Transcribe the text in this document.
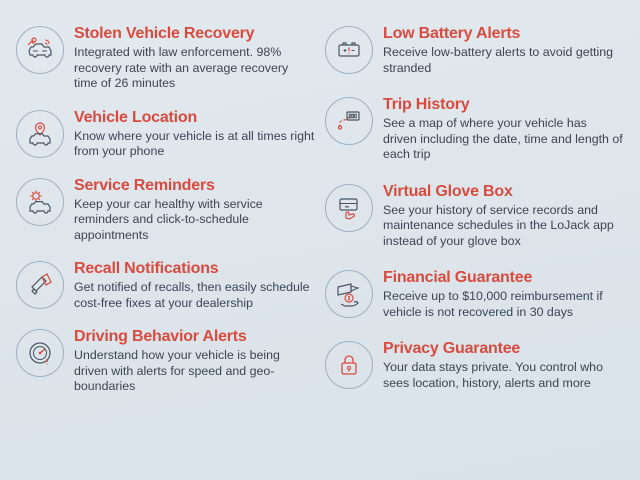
Stolen Vehicle Recovery

Integrated with law enforcement. 98% recovery rate with an average recovery time of 26 minutes

Vehicle Location

Know where your vehicle is at all times right from your phone

Service Reminders

Keep your car healthy with service reminders and click-to-schedule appointments

Recall Notifications

Get notified of recalls, then easily schedule cost-free fixes at your dealership

Driving Behavior Alerts

Understand how your vehicle is being driven with alerts for speed and geo-boundaries

Low Battery Alerts

Receive low-battery alerts to avoid getting stranded

Trip History

See a map of where your vehicle has driven including the date, time and length of each trip

Virtual Glove Box

See your history of service records and maintenance schedules in the LoJack app instead of your glove box

Financial Guarantee

Receive up to $10,000 reimbursement if vehicle is not recovered in 30 days

Privacy Guarantee

Your data stays private. You control who sees location, history, alerts and more
